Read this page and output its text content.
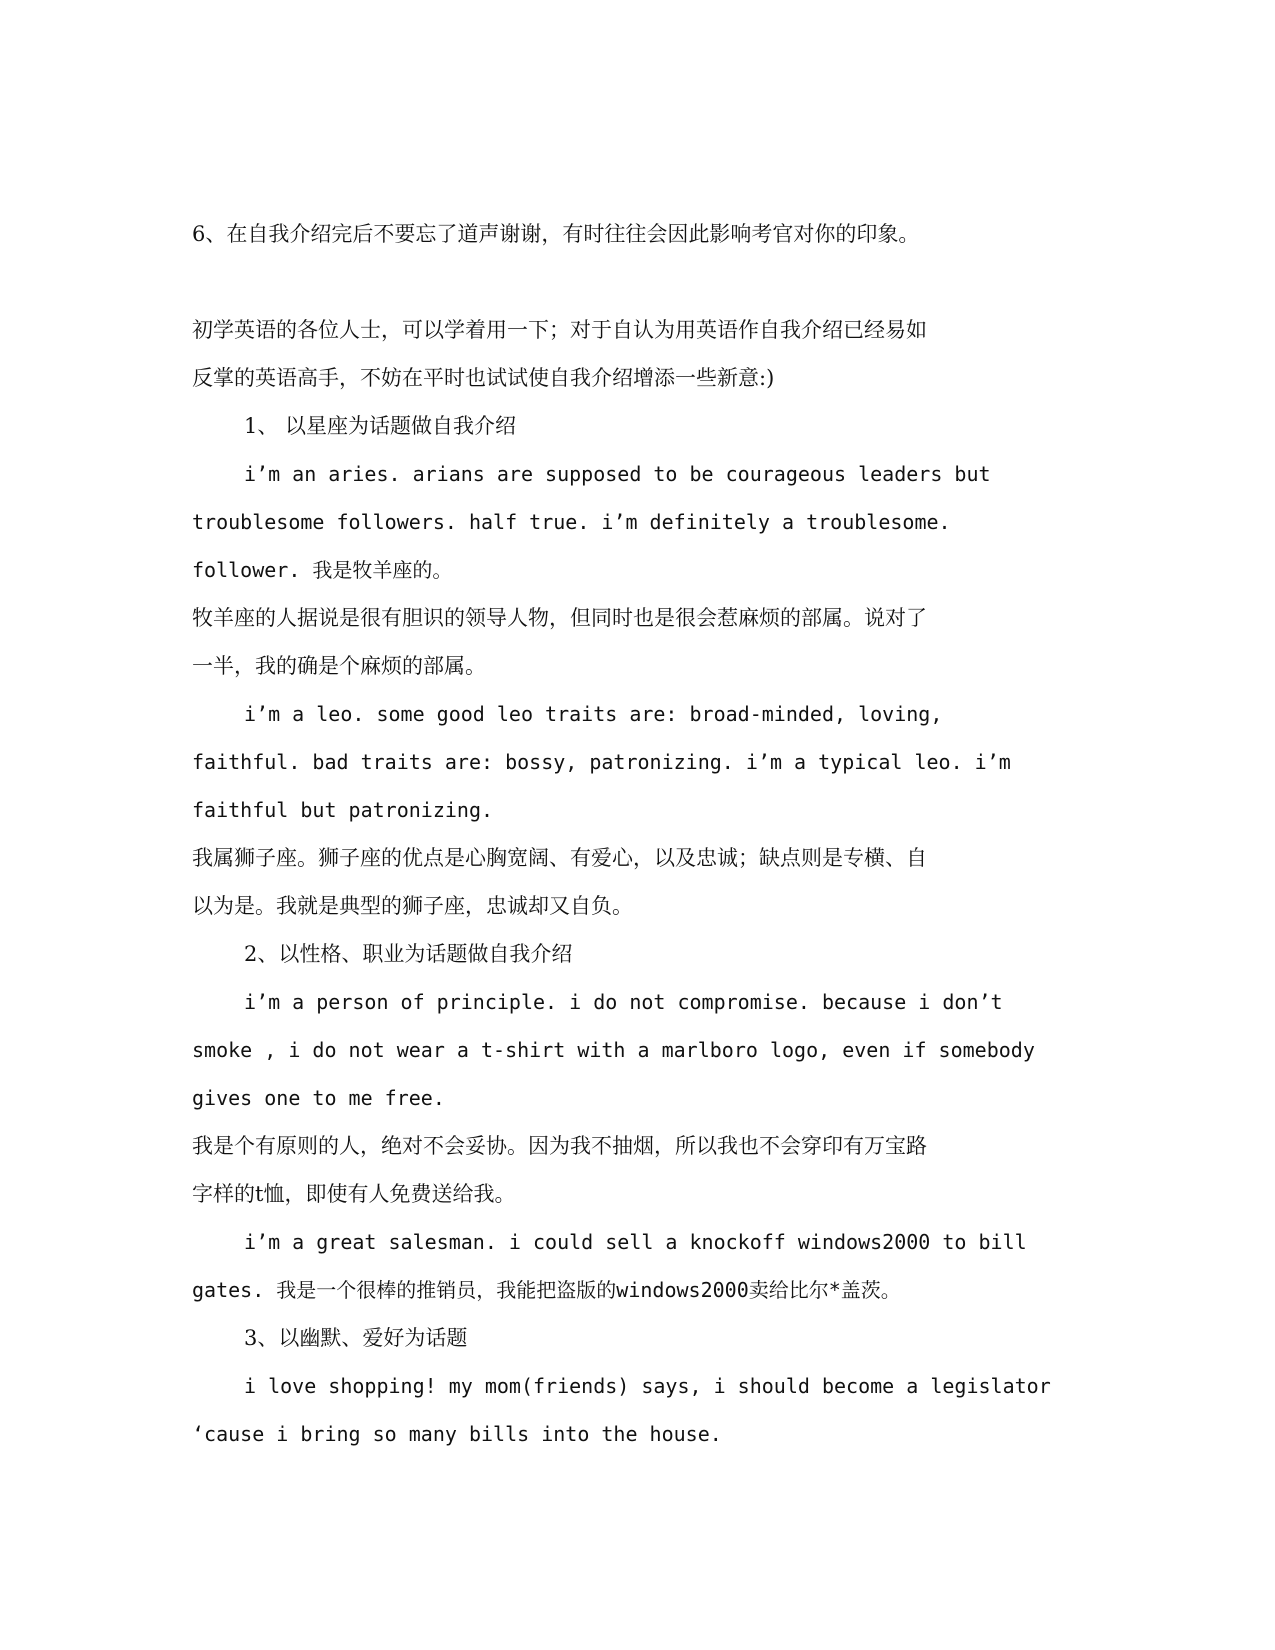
6、在自我介绍完后不要忘了道声谢谢，有时往往会因此影响考官对你的印象。
初学英语的各位人士，可以学着用一下；对于自认为用英语作自我介绍已经易如
反掌的英语高手，不妨在平时也试试使自我介绍增添一些新意:)
1、 以星座为话题做自我介绍
i’m an aries. arians are supposed to be courageous leaders but
troublesome followers. half true. i’m definitely a troublesome.
follower. 我是牧羊座的。
牧羊座的人据说是很有胆识的领导人物，但同时也是很会惹麻烦的部属。说对了
一半，我的确是个麻烦的部属。
i’m a leo. some good leo traits are: broad-minded, loving,
faithful. bad traits are: bossy, patronizing. i’m a typical leo. i’m
faithful but patronizing.
我属狮子座。狮子座的优点是心胸宽阔、有爱心，以及忠诚；缺点则是专横、自
以为是。我就是典型的狮子座，忠诚却又自负。
2、以性格、职业为话题做自我介绍
i’m a person of principle. i do not compromise. because i don’t
smoke , i do not wear a t-shirt with a marlboro logo, even if somebody
gives one to me free.
我是个有原则的人，绝对不会妥协。因为我不抽烟，所以我也不会穿印有万宝路
字样的t恤，即使有人免费送给我。
i’m a great salesman. i could sell a knockoff windows2000 to bill
gates. 我是一个很棒的推销员，我能把盗版的windows2000卖给比尔*盖茨。
3、以幽默、爱好为话题
i love shopping! my mom(friends) says, i should become a legislator
‘cause i bring so many bills into the house.
